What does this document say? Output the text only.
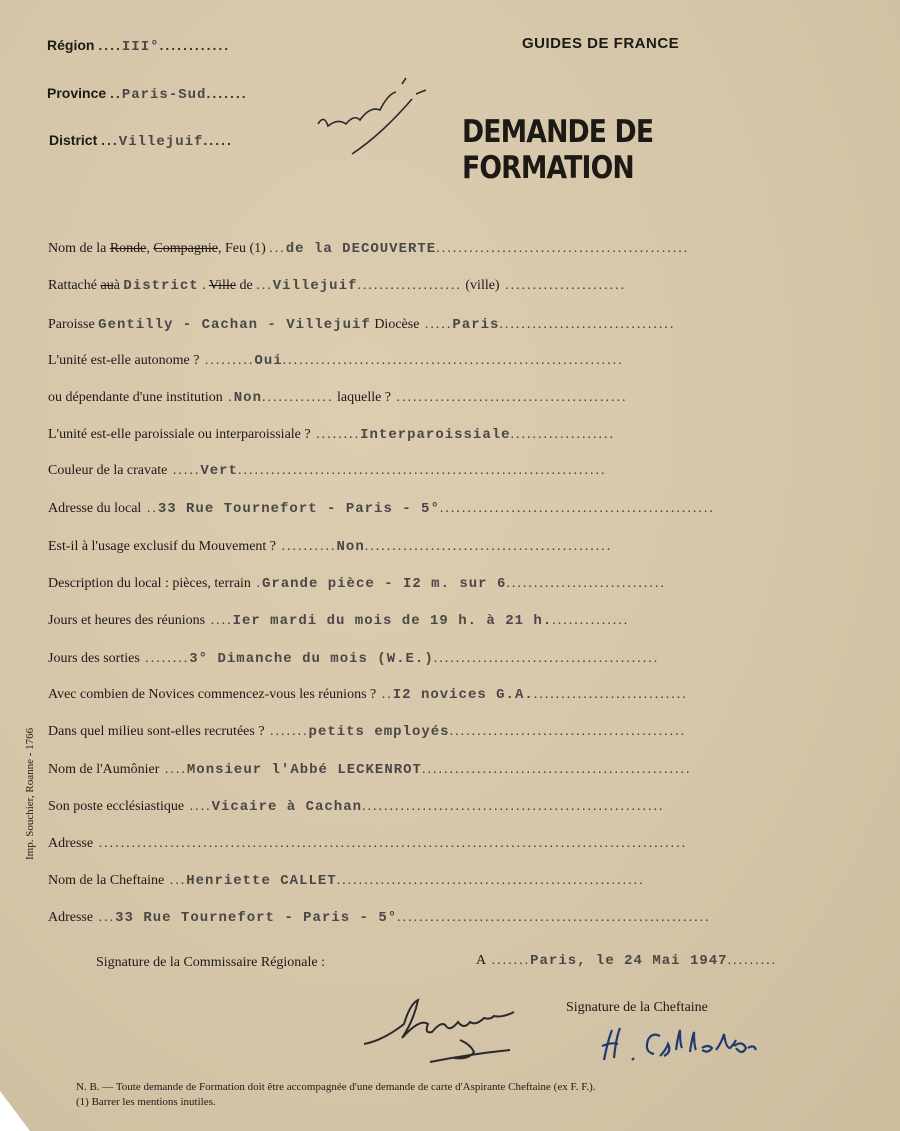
Région ....III°............
Province ..Paris-Sud.......
District ...Villejuif.....
GUIDES DE FRANCE
DEMANDE DE FORMATION
Nom de la Ronde, Compagnie, Feu (1) ...de la DECOUVERTE..............................................
Rattaché auà District . Ville de ...Villejuif................... (ville) ......................
Paroisse Gentilly - Cachan - Villejuif Diocèse .....Paris................................
L'unité est-elle autonome ? .........Oui..............................................................
ou dépendante d'une institution .Non............. laquelle ? ..........................................
L'unité est-elle paroissiale ou interparoissiale ? ........Interparoissiale...................
Couleur de la cravate .....Vert...................................................................
Adresse du local ..33 Rue Tournefort - Paris - 5°..................................................
Est-il à l'usage exclusif du Mouvement ? ..........Non.............................................
Description du local : pièces, terrain .Grande pièce - I2 m. sur 6.............................
Jours et heures des réunions ....Ier mardi du mois de 19 h. à 21 h...............
Jours des sorties ........3° Dimanche du mois (W.E.).........................................
Avec combien de Novices commencez-vous les réunions ? ..I2 novices G.A.............................
Dans quel milieu sont-elles recrutées ? .......petits employés...........................................
Nom de l'Aumônier ....Monsieur l'Abbé LECKENROT.................................................
Son poste ecclésiastique ....Vicaire à Cachan.......................................................
Adresse ...........................................................................................................
Nom de la Cheftaine ...Henriette CALLET........................................................
Adresse ...33 Rue Tournefort - Paris - 5°.........................................................
Signature de la Commissaire Régionale :	A .......Paris, le 24 Mai 1947.........
Signature de la Cheftaine
N. B. — Toute demande de Formation doit être accompagnée d'une demande de carte d'Aspirante Cheftaine (ex F. F.).
(1) Barrer les mentions inutiles.
Imp. Souchier, Roanne - 1766
